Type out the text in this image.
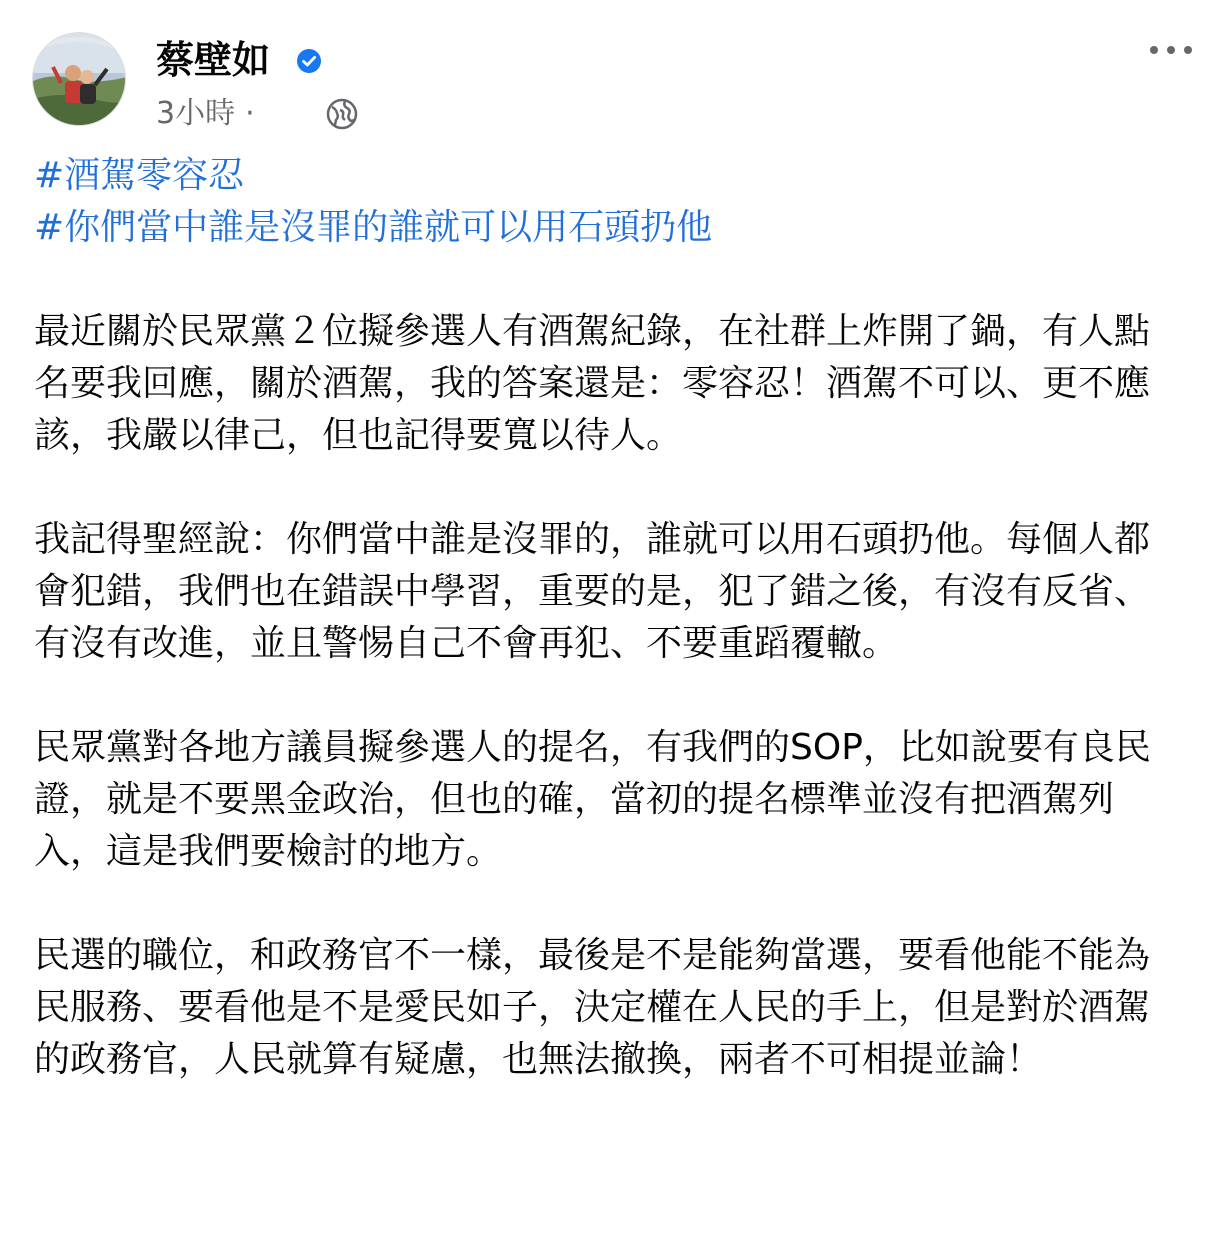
蔡壁如
3小時 ·
#酒駕零容忍
#你們當中誰是沒罪的誰就可以用石頭扔他

最近關於民眾黨２位擬參選人有酒駕紀錄，在社群上炸開了鍋，有人點名要我回應，關於酒駕，我的答案還是：零容忍！酒駕不可以、更不應該，我嚴以律己，但也記得要寬以待人。

我記得聖經說：你們當中誰是沒罪的，誰就可以用石頭扔他。每個人都會犯錯，我們也在錯誤中學習，重要的是，犯了錯之後，有沒有反省、有沒有改進，並且警惕自己不會再犯、不要重蹈覆轍。

民眾黨對各地方議員擬參選人的提名，有我們的SOP，比如說要有良民證，就是不要黑金政治，但也的確，當初的提名標準並沒有把酒駕列入，這是我們要檢討的地方。

民選的職位，和政務官不一樣，最後是不是能夠當選，要看他能不能為民服務、要看他是不是愛民如子，決定權在人民的手上，但是對於酒駕的政務官，人民就算有疑慮，也無法撤換，兩者不可相提並論！
